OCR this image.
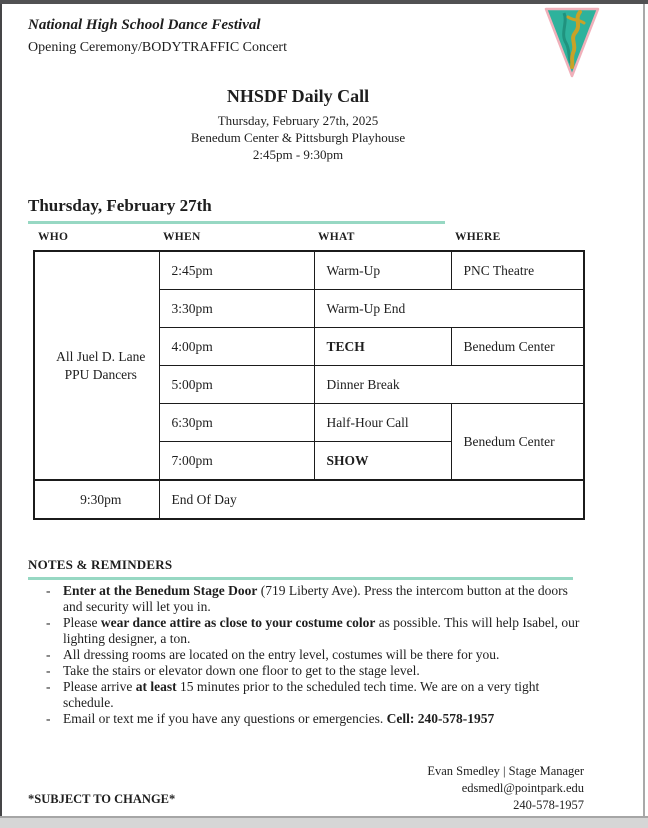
National High School Dance Festival
Opening Ceremony/BODYTRAFFIC Concert
NHSDF Daily Call
Thursday, February 27th, 2025
Benedum Center & Pittsburgh Playhouse
2:45pm - 9:30pm
Thursday, February 27th
WHO	WHEN	WHAT	WHERE
All Juel D. Lane PPU Dancers	2:45pm	Warm-Up	PNC Theatre
	3:30pm	Warm-Up End	
	4:00pm	TECH	Benedum Center
	5:00pm	Dinner Break	
	6:30pm	Half-Hour Call	Benedum Center
	7:00pm	SHOW	
9:30pm	End Of Day		
NOTES & REMINDERS
- Enter at the Benedum Stage Door (719 Liberty Ave). Press the intercom button at the doors and security will let you in.
- Please wear dance attire as close to your costume color as possible. This will help Isabel, our lighting designer, a ton.
- All dressing rooms are located on the entry level, costumes will be there for you.
- Take the stairs or elevator down one floor to get to the stage level.
- Please arrive at least 15 minutes prior to the scheduled tech time. We are on a very tight schedule.
- Email or text me if you have any questions or emergencies. Cell: 240-578-1957
Evan Smedley | Stage Manager
edsmedl@pointpark.edu
240-578-1957
*SUBJECT TO CHANGE*
